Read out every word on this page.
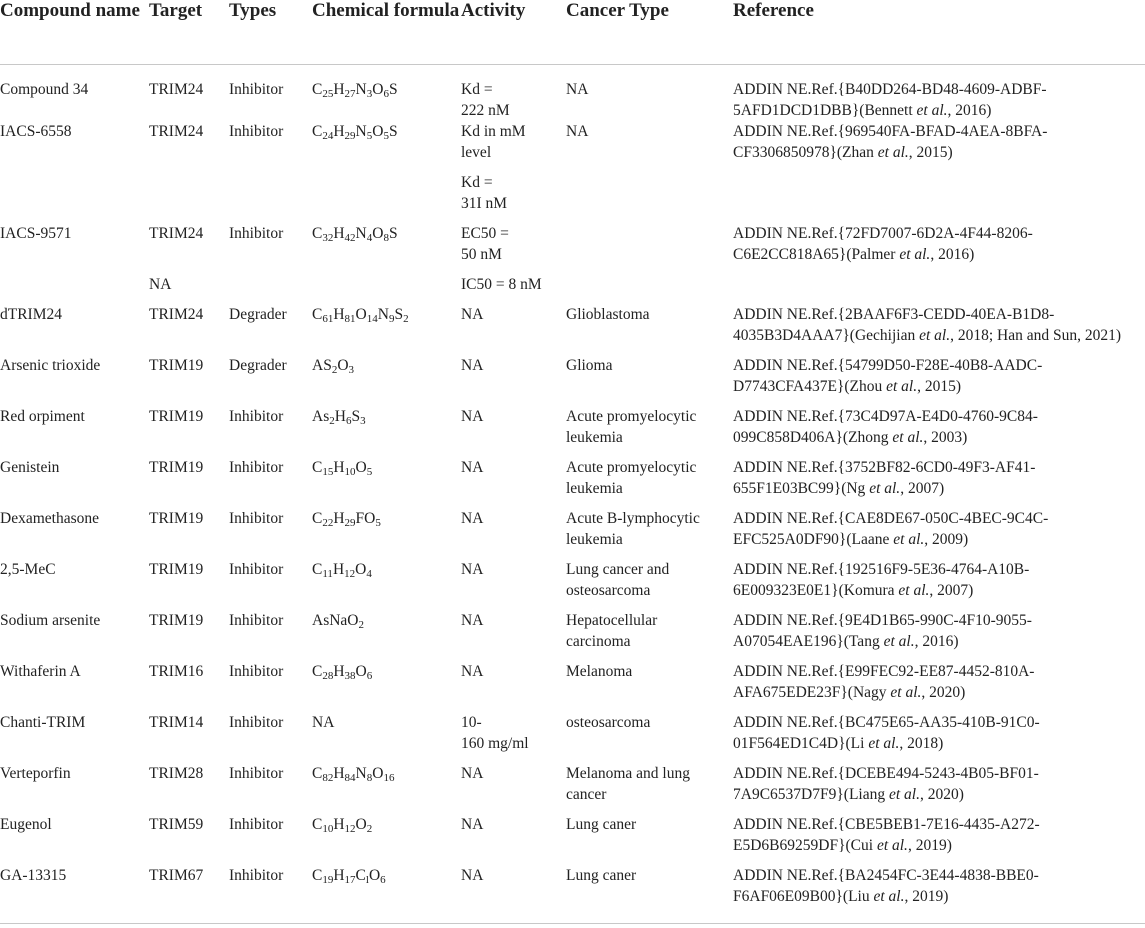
Compound name	Target	Types	Chemical formula	Activity	Cancer Type	Reference
Compound 34	TRIM24	Inhibitor	$C_{25}H_{27}N_3O_6S$	Kd =
222 nM	NA	ADDIN NE.Ref.{B40DD264-BD48-4609-ADBF-
5AFD1DCD1DBB}(Bennett et al., 2016)
IACS-6558	TRIM24	Inhibitor	$C_{24}H_{29}N_5O_5S$	Kd in mM
level	NA	ADDIN NE.Ref.{969540FA-BFAD-4AEA-8BFA-
CF3306850978}(Zhan et al., 2015)
				Kd =
31I nM		
IACS-9571	TRIM24	Inhibitor	$C_{32}H_{42}N_4O_8S$	EC50 =
50 nM		ADDIN NE.Ref.{72FD7007-6D2A-4F44-8206-
C6E2CC818A65}(Palmer et al., 2016)
	NA			IC50 = 8 nM		
dTRIM24	TRIM24	Degrader	$C_{61}H_{81}O_{14}N_9S_2$	NA	Glioblastoma	ADDIN NE.Ref.{2BAAF6F3-CEDD-40EA-B1D8-
4035B3D4AAA7}(Gechijian et al., 2018; Han and Sun, 2021)
Arsenic trioxide	TRIM19	Degrader	$AS_2O_3$	NA	Glioma	ADDIN NE.Ref.{54799D50-F28E-40B8-AADC-
D7743CFA437E}(Zhou et al., 2015)
Red orpiment	TRIM19	Inhibitor	$As_2H_6S_3$	NA	Acute promyelocytic
leukemia	ADDIN NE.Ref.{73C4D97A-E4D0-4760-9C84-
099C858D406A}(Zhong et al., 2003)
Genistein	TRIM19	Inhibitor	$C_{15}H_{10}O_5$	NA	Acute promyelocytic
leukemia	ADDIN NE.Ref.{3752BF82-6CD0-49F3-AF41-
655F1E03BC99}(Ng et al., 2007)
Dexamethasone	TRIM19	Inhibitor	$C_{22}H_{29}FO_5$	NA	Acute B-lymphocytic
leukemia	ADDIN NE.Ref.{CAE8DE67-050C-4BEC-9C4C-
EFC525A0DF90}(Laane et al., 2009)
2,5-MeC	TRIM19	Inhibitor	$C_{11}H_{12}O_4$	NA	Lung cancer and
osteosarcoma	ADDIN NE.Ref.{192516F9-5E36-4764-A10B-
6E009323E0E1}(Komura et al., 2007)
Sodium arsenite	TRIM19	Inhibitor	AsNaO$_2$	NA	Hepatocellular
carcinoma	ADDIN NE.Ref.{9E4D1B65-990C-4F10-9055-
A07054EAE196}(Tang et al., 2016)
Withaferin A	TRIM16	Inhibitor	$C_{28}H_{38}O_6$	NA	Melanoma	ADDIN NE.Ref.{E99FEC92-EE87-4452-810A-
AFA675EDE23F}(Nagy et al., 2020)
Chanti-TRIM	TRIM14	Inhibitor	NA	10-
160 mg/ml	osteosarcoma	ADDIN NE.Ref.{BC475E65-AA35-410B-91C0-
01F564ED1C4D}(Li et al., 2018)
Verteporfin	TRIM28	Inhibitor	$C_{82}H_{84}N_8O_{16}$	NA	Melanoma and lung
cancer	ADDIN NE.Ref.{DCEBE494-5243-4B05-BF01-
7A9C6537D7F9}(Liang et al., 2020)
Eugenol	TRIM59	Inhibitor	$C_{10}H_{12}O_2$	NA	Lung caner	ADDIN NE.Ref.{CBE5BEB1-7E16-4435-A272-
E5D6B69259DF}(Cui et al., 2019)
GA-13315	TRIM67	Inhibitor	$C_{19}H_{17}C_lO_6$	NA	Lung caner	ADDIN NE.Ref.{BA2454FC-3E44-4838-BBE0-
F6AF06E09B00}(Liu et al., 2019)
